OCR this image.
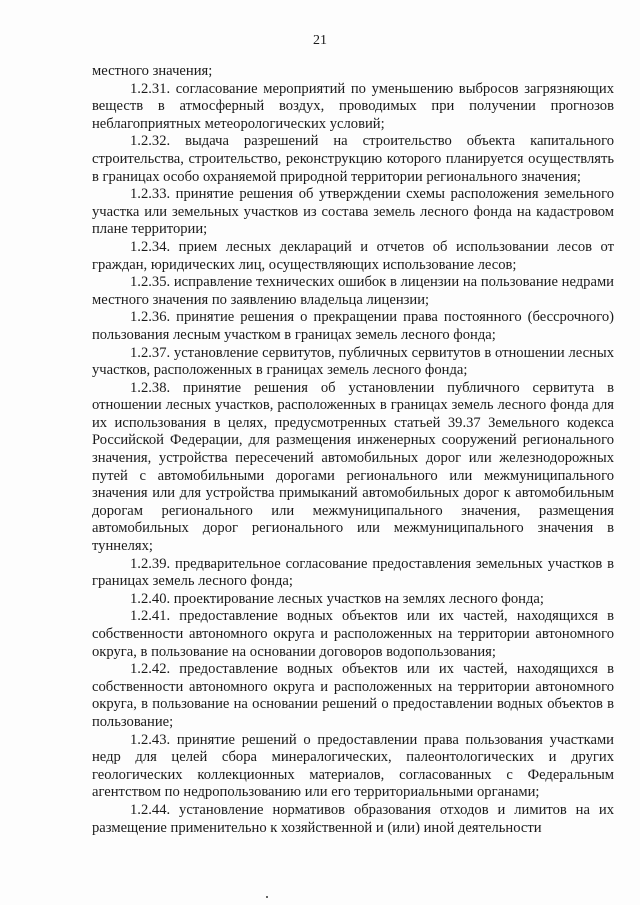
21

местного значения;

1.2.31. согласование мероприятий по уменьшению выбросов загрязняющих веществ в атмосферный воздух, проводимых при получении прогнозов неблагоприятных метеорологических условий;

1.2.32. выдача разрешений на строительство объекта капитального строительства, строительство, реконструкцию которого планируется осуществлять в границах особо охраняемой природной территории регионального значения;

1.2.33. принятие решения об утверждении схемы расположения земельного участка или земельных участков из состава земель лесного фонда на кадастровом плане территории;

1.2.34. прием лесных деклараций и отчетов об использовании лесов от граждан, юридических лиц, осуществляющих использование лесов;

1.2.35. исправление технических ошибок в лицензии на пользование недрами местного значения по заявлению владельца лицензии;

1.2.36. принятие решения о прекращении права постоянного (бессрочного) пользования лесным участком в границах земель лесного фонда;

1.2.37. установление сервитутов, публичных сервитутов в отношении лесных участков, расположенных в границах земель лесного фонда;

1.2.38. принятие решения об установлении публичного сервитута в отношении лесных участков, расположенных в границах земель лесного фонда для их использования в целях, предусмотренных статьей 39.37 Земельного кодекса Российской Федерации, для размещения инженерных сооружений регионального значения, устройства пересечений автомобильных дорог или железнодорожных путей с автомобильными дорогами регионального или межмуниципального значения или для устройства примыканий автомобильных дорог к автомобильным дорогам регионального или межмуниципального значения, размещения автомобильных дорог регионального или межмуниципального значения в туннелях;

1.2.39. предварительное согласование предоставления земельных участков в границах земель лесного фонда;

1.2.40. проектирование лесных участков на землях лесного фонда;

1.2.41. предоставление водных объектов или их частей, находящихся в собственности автономного округа и расположенных на территории автономного округа, в пользование на основании договоров водопользования;

1.2.42. предоставление водных объектов или их частей, находящихся в собственности автономного округа и расположенных на территории автономного округа, в пользование на основании решений о предоставлении водных объектов в пользование;

1.2.43. принятие решений о предоставлении права пользования участками недр для целей сбора минералогических, палеонтологических и других геологических коллекционных материалов, согласованных с Федеральным агентством по недропользованию или его территориальными органами;

1.2.44. установление нормативов образования отходов и лимитов на их размещение применительно к хозяйственной и (или) иной деятельности
